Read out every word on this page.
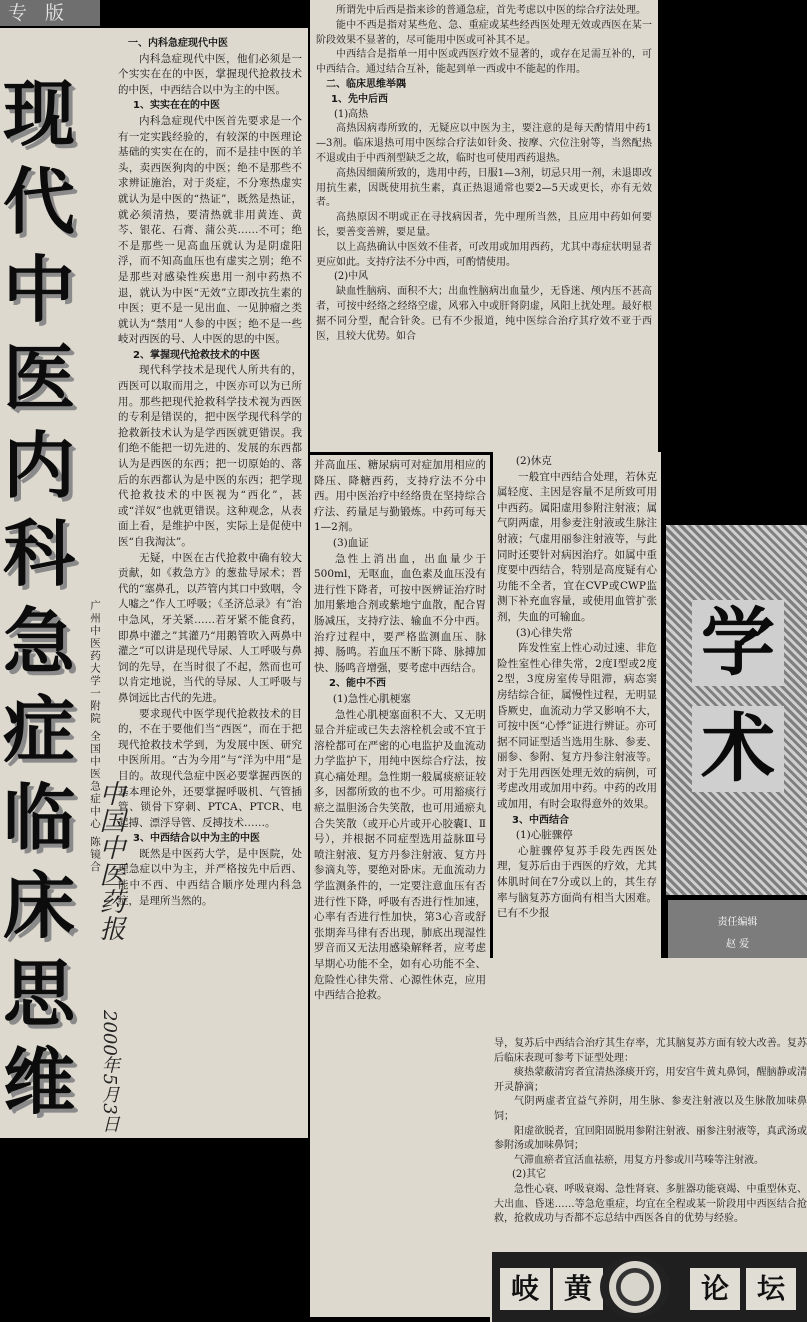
专 版
现
代
中
医
内
科
急
症
临
床
思
维
广州中医药大学一附院 全国中医急症中心 陈镜合

一、内科急症现代中医

内科急症现代中医，他们必须是一个实实在在的中医，掌握现代抢救技术的中医，中西结合以中为主的中医。

1、实实在在的中医

内科急症现代中医首先要求是一个有一定实践经验的，有较深的中医理论基础的实实在在的，而不是挂中医的羊头，卖西医狗肉的中医；绝不是那些不求辨证施治，对于炎症，不分寒热虚实就认为是中医的“热证”，既然是热证，就必须清热，要清热就非用黄连、黄芩、银花、石膏、蒲公英……不可；绝不是那些一见高血压就认为是阴虚阳浮，而不知高血压也有虚实之别；绝不是那些对感染性疾患用一剂中药热不退，就认为中医“无效”立即改抗生素的中医；更不是一见出血、一见肿瘤之类就认为“禁用”人参的中医；绝不是一些岐对西医的号、人中医的思的中医。

2、掌握现代抢救技术的中医

现代科学技术是现代人所共有的，西医可以取而用之，中医亦可以为已所用。那些把现代抢救科学技术视为西医的专利是错误的，把中医学现代科学的抢救新技术认为是学西医就更错误。我们绝不能把一切先进的、发展的东西都认为是西医的东西；把一切原始的、落后的东西都认为是中医的东西；把学现代抢救技术的中医视为“西化”，甚或“洋奴”也就更错误。这种观念，从表面上看，是维护中医，实际上是促使中医“自我淘汰”。

无疑，中医在古代抢救中确有较大贡献，如《救急方》的葱盐导尿术；晋代的“塞鼻孔，以芦管内其口中致咽，令人嘘之”作人工呼吸；《圣济总录》有“治中急风，牙关紧……若牙紧不能食药，即鼻中灌之”其灌乃“用鹅管吹入两鼻中灌之”可以讲是现代导尿、人工呼吸与鼻饲的先导，在当时很了不起，然而也可以肯定地说，当代的导尿、人工呼吸与鼻饲远比古代的先进。

要求现代中医学现代抢救技术的目的，不在于要他们当“西医”，而在于把现代抢救技术学到，为发展中医、研究中医所用。“古为今用”与“洋为中用”是目的。故现代急症中医必要掌握西医的基本理论外，还要掌握呼吸机、气管插管、锁骨下穿刺、PTCA、PTCR、电起搏、漂浮导管、反搏技术……。

3、中西结合以中为主的中医

既然是中医药大学，是中医院，处理急症以中为主，并严格按先中后西、能中不西、中西结合顺序处理内科急症，是理所当然的。

中国中医药报
2000年5月3日

所谓先中后西是指来诊的普通急症，首先考虑以中医的综合疗法处理。

能中不西是指对某些危、急、重症或某些经西医处理无效或西医在某一阶段效果不显著的，尽可能用中医或可补其不足。

中西结合是指单一用中医或西医疗效不显著的，或存在足需互补的，可中西结合。通过结合互补，能起到单一西或中不能起的作用。

二、临床思维举隅

1、先中后西

(1)高热

高热因病毒所致的，无疑应以中医为主，要注意的是每天酌情用中药1—3剂。临床退热可用中医综合疗法如针灸、按摩、穴位注射等，当然配热不退或由于中西剂型缺乏之故，临时也可使用西药退热。

高热因细菌所致的，选用中药，日服1—3剂，切忌只用一剂，未退即改用抗生素，因既使用抗生素，真正热退通常也要2—5天或更长，亦有无效者。

高热原因不明或正在寻找病因者，先中理所当然，且应用中药如何要长，要善变善辨，要足量。

以上高热确认中医效不佳者，可改用或加用西药，尤其中毒症状明显者更应如此。支持疗法不分中西，可酌情使用。

(2)中风

缺血性脑病、面积不大；出血性脑病出血量少，无昏迷、颅内压不甚高者，可按中经络之经络空虚，风邪入中或肝肾阴虚，风阳上扰处理。最好根据不同分型，配合针灸。已有不少报道，纯中医综合治疗其疗效不亚于西医，且较大优势。如合

并高血压、糖尿病可对症加用相应的降压、降糖西药，支持疗法不分中西。用中医治疗中经络贵在坚持综合疗法、药量足与勤锻炼。中药可每天1—2剂。

(3)血证

急性上消出血，出血量少于500ml，无呕血，血色素及血压没有进行性下降者，可按中医辨证治疗时加用紫地合剂或紫地宁血散，配合胃肠减压，支持疗法、输血不分中西。治疗过程中，要严格监测血压、脉搏、肠鸣。若血压不断下降、脉搏加快、肠鸣音增强，要考虑中西结合。

2、能中不西

(1)急性心肌梗塞

急性心肌梗塞面积不大、又无明显合并症或已失去溶栓机会或不宜于溶栓都可在严密的心电监护及血流动力学监护下，用纯中医综合疗法，按真心痛处理。急性期一般属痰瘀证较多，因都所致的也不少。可用豁痰行瘀之温胆汤合失笑散，也可用通瘀丸合失笑散（或开心片或开心胶囊Ⅰ、Ⅱ号），并根据不同症型选用益脉Ⅲ号喷注射液、复方丹参注射液、复方丹参滴丸等，要绝对卧床。无血流动力学监测条件的，一定要注意血压有否进行性下降，呼吸有否进行性加速，心率有否进行性加快，第3心音或舒张期奔马律有否出现，肺底出现湿性罗音而又无法用感染解释者，应考虑早期心功能不全，如有心功能不全、危险性心律失常、心源性休克，应用中西结合抢救。

(2)休克

一般宜中西结合处理，若休克属轻度、主因是容量不足所致可用中西药。属阳虚用参附注射液；属气阴两虚，用参麦注射液或生脉注射液；气虚用丽参注射液等，与此同时还要针对病因治疗。如属中重度要中西结合，特别是高度疑有心功能不全者，宜在CVP或CWP监测下补充血容量，或使用血管扩张剂，失血的可输血。

(3)心律失常

阵发性室上性心动过速、非危险性室性心律失常，2度Ⅰ型或2度2型，3度房室传导阻滞，病态窦房结综合征，属慢性过程，无明显昏厥史，血流动力学又影响不大，可按中医“心悸”证进行辨证。亦可据不同证型适当选用生脉、参麦、丽参、参附、复方丹参注射液等。对于先用西医处理无效的病例，可考虑改用或加用中药。中药的改用或加用，有时会取得意外的效果。

3、中西结合

(1)心脏骤停

心脏骤停复苏手段先西医处理，复苏后由于西医的疗效，尤其体肌时间在7分或以上的，其生存率与脑复苏方面尚有相当大困难。已有不少报

学
术
责任编辑
赵 爱

导，复苏后中西结合治疗其生存率，尤其脑复苏方面有较大改善。复苏后临床表现可参考下证型处理：

痰热蒙蔽清窍者宜清热涤痰开窍，用安宫牛黄丸鼻饲，醒脑静或清开灵静滴；

气阴两虚者宜益气养阴，用生脉、参麦注射液以及生脉散加味鼻饲；

阳虚欲脱者，宜回阳固脱用参附注射液、丽参注射液等，真武汤或参附汤或加味鼻饲；

气滞血瘀者宜活血祛瘀，用复方丹参或川芎嗪等注射液。

(2)其它

急性心衰、呼吸衰竭、急性肾衰、多脏器功能衰竭、中重型休克、大出血、昏迷……等急危重症，均宜在全程或某一阶段用中西医结合抢救，抢救成功与否都不忘总结中西医各自的优势与经验。

岐 黄	论 坛
